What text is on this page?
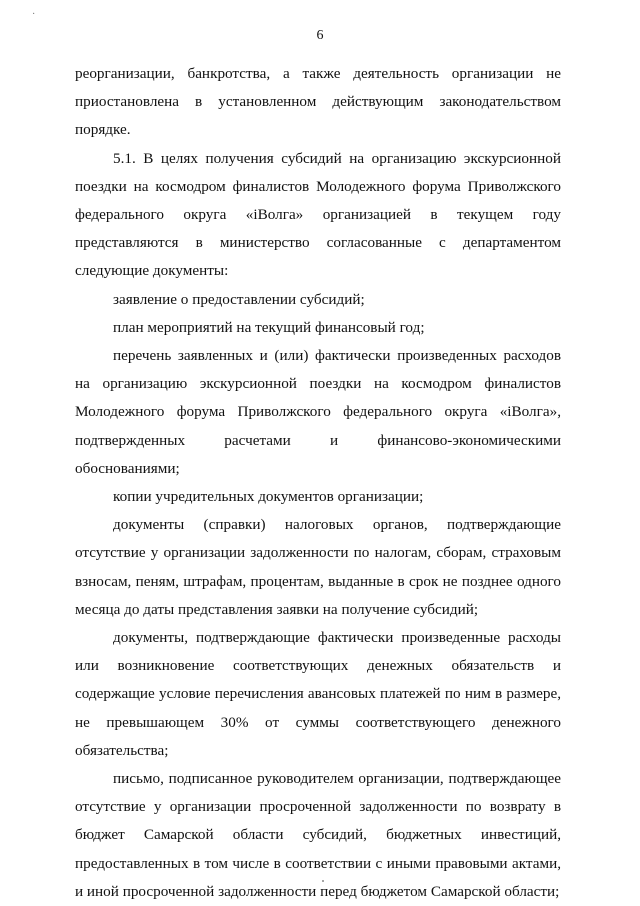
·
6

реорганизации, банкротства, а также деятельность организации не приостановлена в установленном действующим законодательством порядке.

5.1. В целях получения субсидий на организацию экскурсионной поездки на космодром финалистов Молодежного форума Приволжского федерального округа «iВолга» организацией в текущем году представляются в министерство согласованные с департаментом следующие документы:

заявление о предоставлении субсидий;

план мероприятий на текущий финансовый год;

перечень заявленных и (или) фактически произведенных расходов на организацию экскурсионной поездки на космодром финалистов Молодежного форума Приволжского федерального округа «iВолга», подтвержденных расчетами и финансово-экономическими обоснованиями;

копии учредительных документов организации;

документы (справки) налоговых органов, подтверждающие отсутствие у организации задолженности по налогам, сборам, страховым взносам, пеням, штрафам, процентам, выданные в срок не позднее одного месяца до даты представления заявки на получение субсидий;

документы, подтверждающие фактически произведенные расходы или возникновение соответствующих денежных обязательств и содержащие условие перечисления авансовых платежей по ним в размере, не превышающем 30% от суммы соответствующего денежного обязательства;

письмо, подписанное руководителем организации, подтверждающее отсутствие у организации просроченной задолженности по возврату в бюджет Самарской области субсидий, бюджетных инвестиций, предоставленных в том числе в соответствии с иными правовыми актами, и иной просроченной задолженности перед бюджетом Самарской области;
